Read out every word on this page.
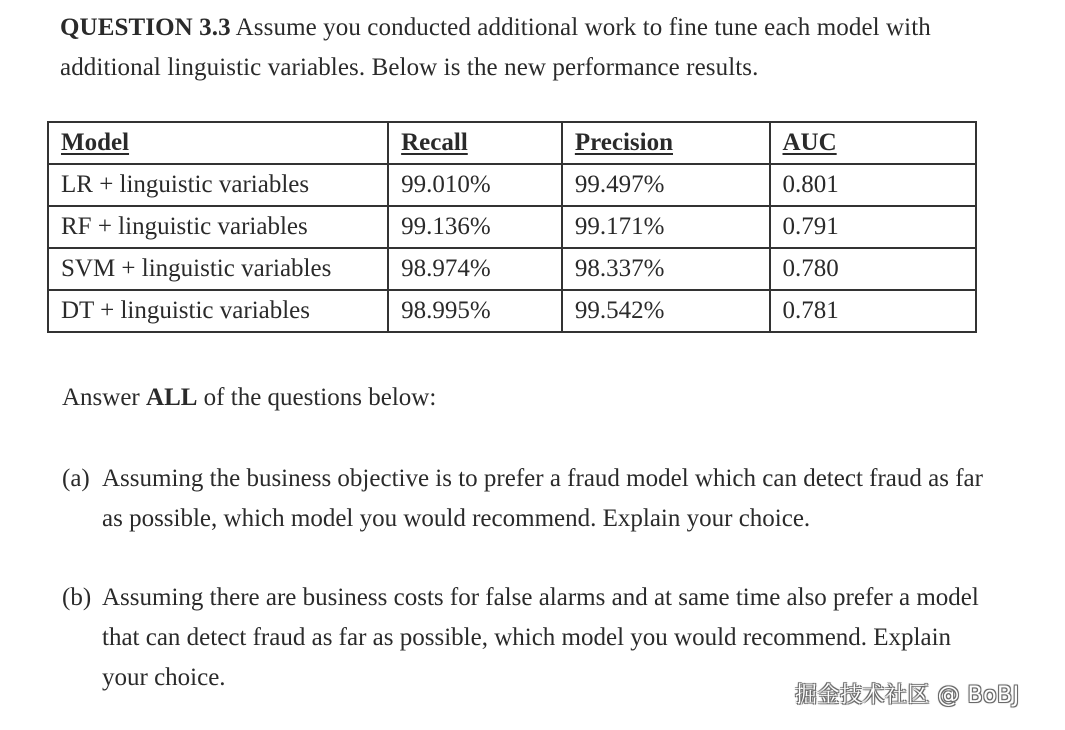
QUESTION 3.3 Assume you conducted additional work to fine tune each model with
additional linguistic variables. Below is the new performance results.
Model	Recall	Precision	AUC
LR + linguistic variables	99.010%	99.497%	0.801
RF + linguistic variables	99.136%	99.171%	0.791
SVM + linguistic variables	98.974%	98.337%	0.780
DT + linguistic variables	98.995%	99.542%	0.781
Answer ALL of the questions below:
(a) Assuming the business objective is to prefer a fraud model which can detect fraud as far as possible, which model you would recommend. Explain your choice.
(b) Assuming there are business costs for false alarms and at same time also prefer a model that can detect fraud as far as possible, which model you would recommend. Explain your choice.
掘金技术社区 @ BoBJ
